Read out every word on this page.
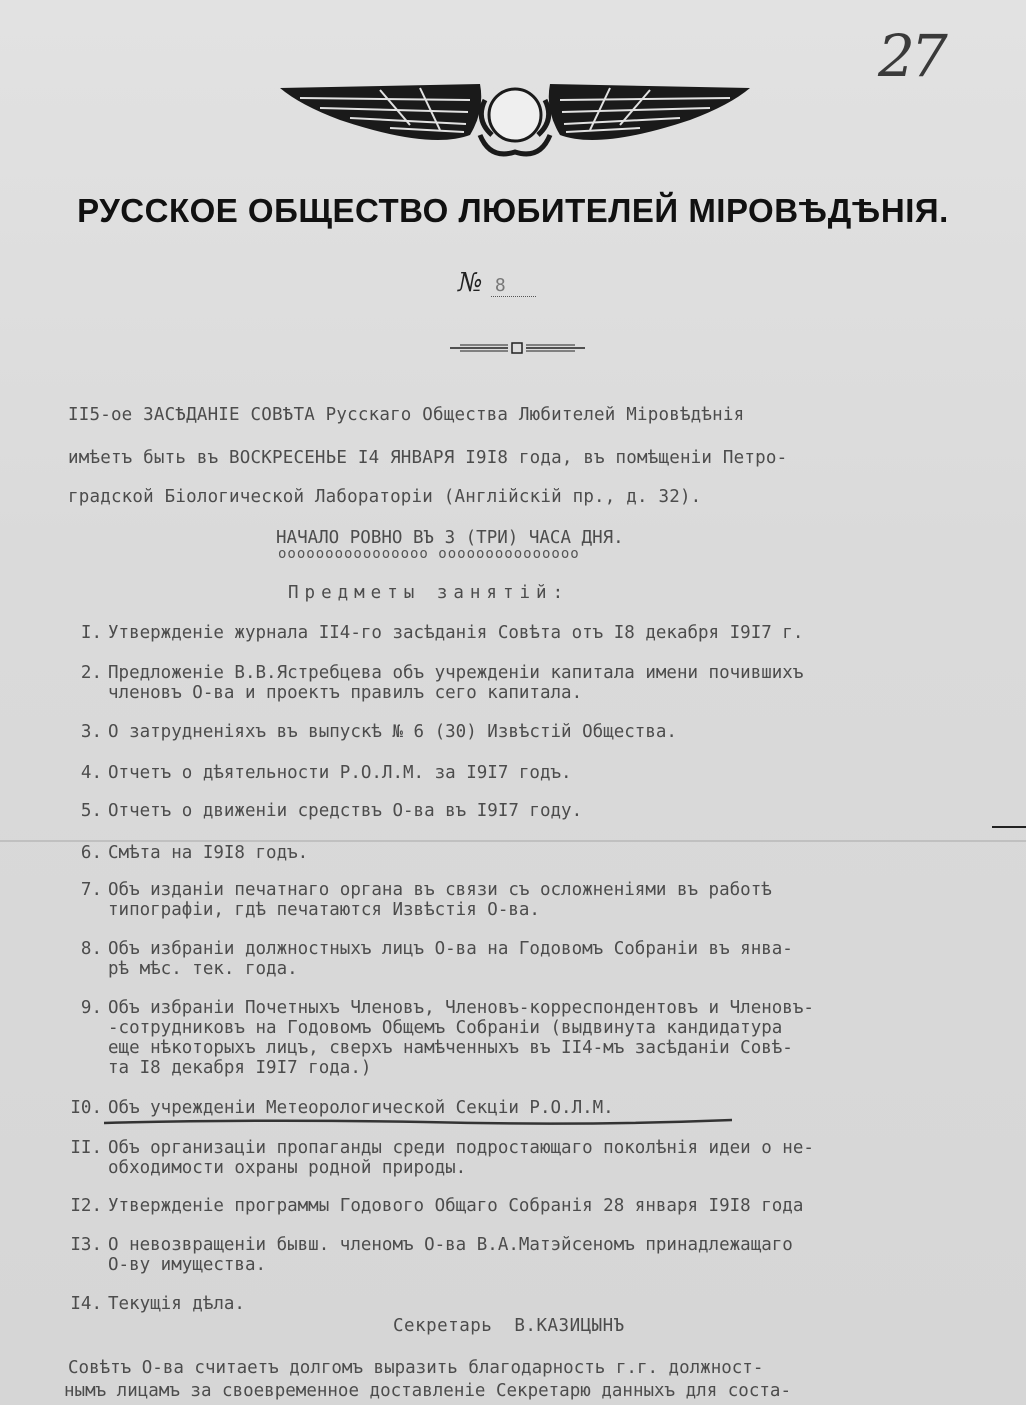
27
РУССКОЕ ОБЩЕСТВО ЛЮБИТЕЛЕЙ МІРОВѢДѢНІЯ.
№ 8
II5-ое ЗАСѢДАНІЕ СОВѢТА Русскаго Общества Любителей Міровѣдѣнія
имѣетъ быть въ ВОСКРЕСЕНЬЕ I4 ЯНВАРЯ I9I8 года, въ помѣщеніи Петро-
градской Біологической Лабораторіи (Англійскій пр., д. 32).
НАЧАЛО РОВНО ВЪ 3 (ТРИ) ЧАСА ДНЯ.
oooooooooooooooo ooooooooooooooo
Предметы занятій:
I. Утвержденіе журнала II4-го засѣданія Совѣта отъ I8 декабря I9I7 г.
2. Предложеніе В.В.Ястребцева объ учрежденіи капитала имени почившихъ
членовъ О-ва и проектъ правилъ сего капитала.
3. О затрудненіяхъ въ выпускѣ № 6 (30) Извѣстій Общества.
4. Отчетъ о дѣятельности Р.О.Л.М. за I9I7 годъ.
5. Отчетъ о движеніи средствъ О-ва въ I9I7 году.
6. Смѣта на I9I8 годъ.
7. Объ изданіи печатнаго органа въ связи съ осложненіями въ работѣ
типографіи, гдѣ печатаются Извѣстія О-ва.
8. Объ избраніи должностныхъ лицъ О-ва на Годовомъ Собраніи въ янва-
рѣ мѣс. тек. года.
9. Объ избраніи Почетныхъ Членовъ, Членовъ-корреспондентовъ и Членовъ-
-сотрудниковъ на Годовомъ Общемъ Собраніи (выдвинута кандидатура
еще нѣкоторыхъ лицъ, сверхъ намѣченныхъ въ II4-мъ засѣданіи Совѣ-
та I8 декабря I9I7 года.)
I0. Объ учрежденіи Метеорологической Секціи Р.О.Л.М.
II. Объ организаціи пропаганды среди подростающаго поколѣнія идеи о не-
обходимости охраны родной природы.
I2. Утвержденіе программы Годового Общаго Собранія 28 января I9I8 года
I3. О невозвращеніи бывш. членомъ О-ва В.А.Матэйсеномъ принадлежащаго
О-ву имущества.
I4. Текущія дѣла.
Секретарь  В.КАЗИЦЫНЪ
Совѣтъ О-ва считаетъ долгомъ выразить благодарность г.г. должност-
нымъ лицамъ за своевременное доставленіе Секретарю данныхъ для соста-
